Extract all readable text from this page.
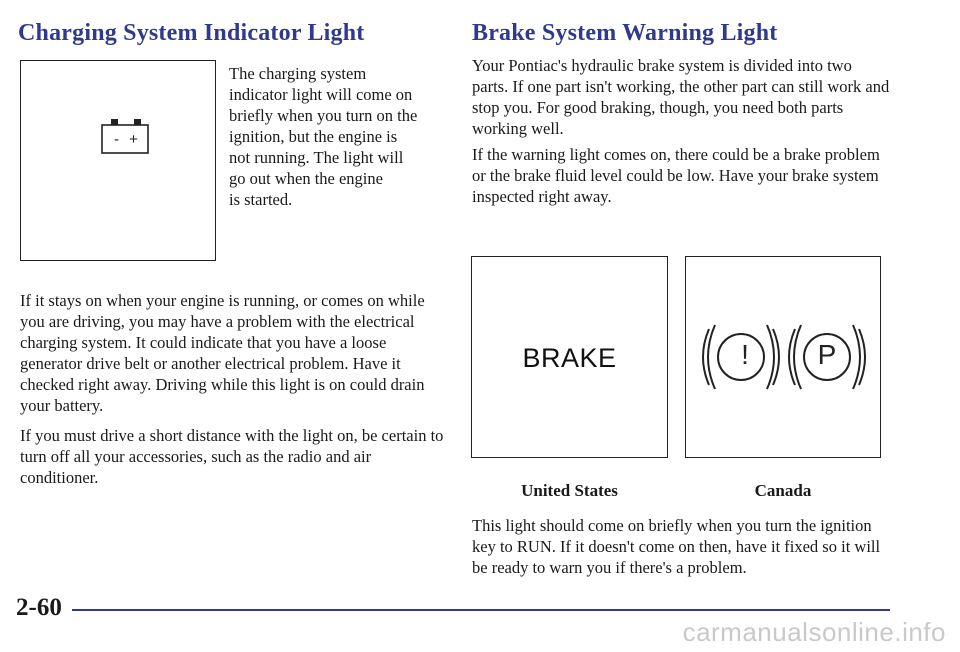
Charging System Indicator Light
- +
The charging system
indicator light will come on
briefly when you turn on the
ignition, but the engine is
not running. The light will
go out when the engine
is started.

If it stays on when your engine is running, or comes on while you are driving, you may have a problem with the electrical charging system. It could indicate that you have a loose generator drive belt or another electrical problem. Have it checked right away. Driving while this light is on could drain your battery.

If you must drive a short distance with the light on, be certain to turn off all your accessories, such as the radio and air conditioner.

Brake System Warning Light

Your Pontiac's hydraulic brake system is divided into two parts. If one part isn't working, the other part can still work and stop you. For good braking, though, you need both parts working well.

If the warning light comes on, there could be a brake problem or the brake fluid level could be low. Have your brake system inspected right away.

BRAKE	! P
United States	Canada

This light should come on briefly when you turn the ignition key to RUN. If it doesn't come on then, have it fixed so it will be ready to warn you if there's a problem.

2-60
carmanualsonline.info
